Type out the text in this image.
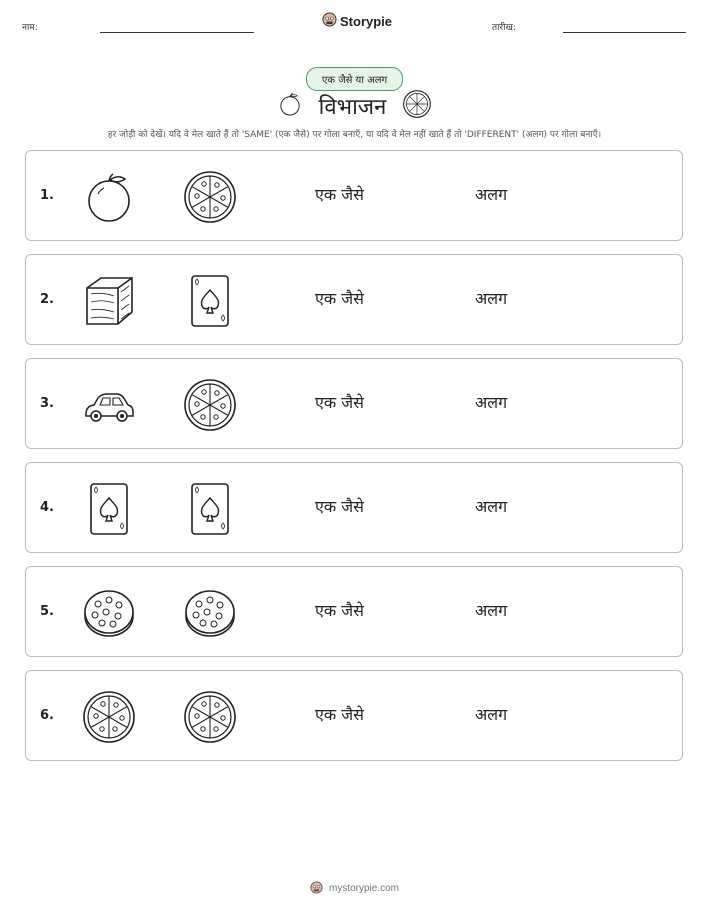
नाम:	Storypie	तारीख:
एक जैसे या अलग
विभाजन
हर जोड़ी को देखें। यदि वे मेल खाते हैं तो 'SAME' (एक जैसे) पर गोला बनाएँ, या यदि वे मेल नहीं खाते हैं तो 'DIFFERENT' (अलग) पर गोला बनाएँ।
1.	एक जैसे	अलग
2.	एक जैसे	अलग
3.	एक जैसे	अलग
4.	एक जैसे	अलग
5.	एक जैसे	अलग
6.	एक जैसे	अलग
mystorypie.com
